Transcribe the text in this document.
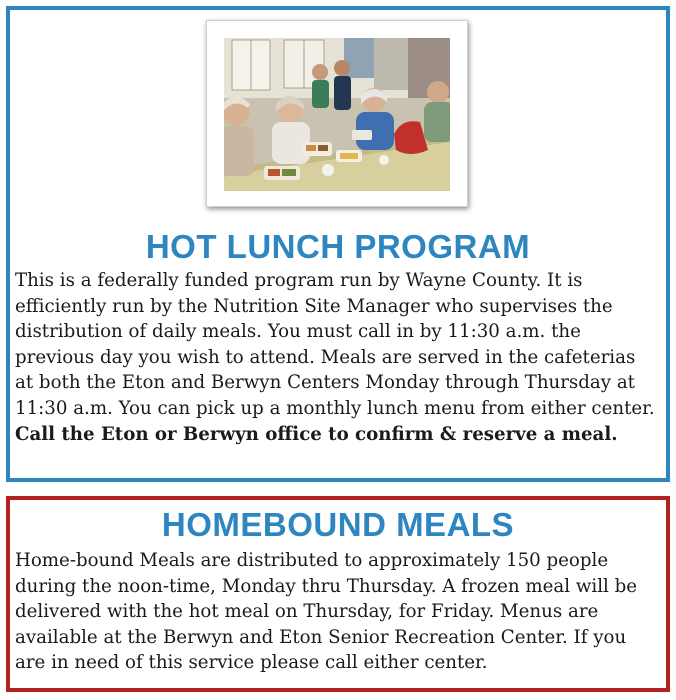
HOT LUNCH PROGRAM

This is a federally funded program run by Wayne County. It is efficiently run by the Nutrition Site Manager who supervises the distribution of daily meals. You must call in by 11:30 a.m. the previous day you wish to attend. Meals are served in the cafeterias at both the Eton and Berwyn Centers Monday through Thursday at 11:30 a.m. You can pick up a monthly lunch menu from either center. Call the Eton or Berwyn office to confirm & reserve a meal.

HOMEBOUND MEALS

Home-bound Meals are distributed to approximately 150 people during the noon-time, Monday thru Thursday. A frozen meal will be delivered with the hot meal on Thursday, for Friday. Menus are available at the Berwyn and Eton Senior Recreation Center. If you are in need of this service please call either center.
